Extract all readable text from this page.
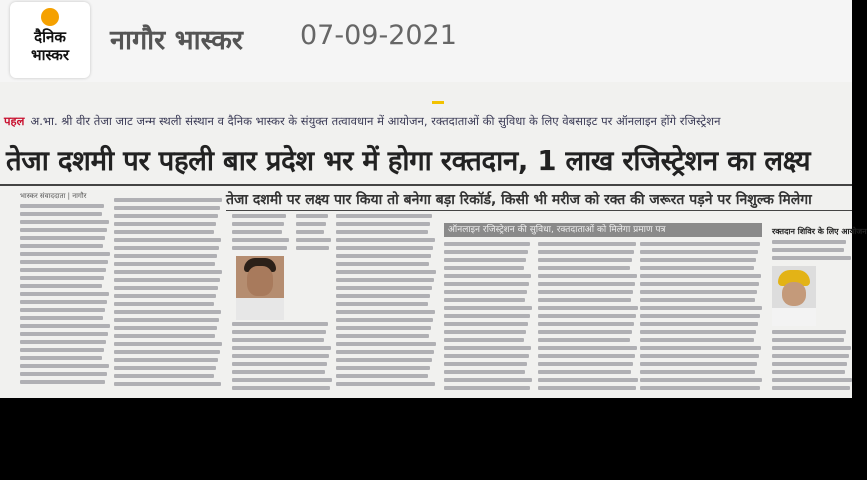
दैनिक
भास्कर	नागौर भास्कर 07-09-2021
पहल अ.भा. श्री वीर तेजा जाट जन्म स्थली संस्थान व दैनिक भास्कर के संयुक्त तत्वावधान में आयोजन, रक्तदाताओं की सुविधा के लिए वेबसाइट पर ऑनलाइन होंगे रजिस्ट्रेशन
तेजा दशमी पर पहली बार प्रदेश भर में होगा रक्तदान, 1 लाख रजिस्ट्रेशन का लक्ष्य
भास्कर संवाददाता | नागौर	तेजा दशमी पर लक्ष्य पार किया तो बनेगा बड़ा रिकॉर्ड, किसी भी मरीज को रक्त की जरूरत पड़ने पर निशुल्क मिलेगा
ऑनलाइन रजिस्ट्रेशन की सुविधा, रक्तदाताओं को मिलेगा प्रमाण पत्र	रक्तदान शिविर के लिए आयोजन
